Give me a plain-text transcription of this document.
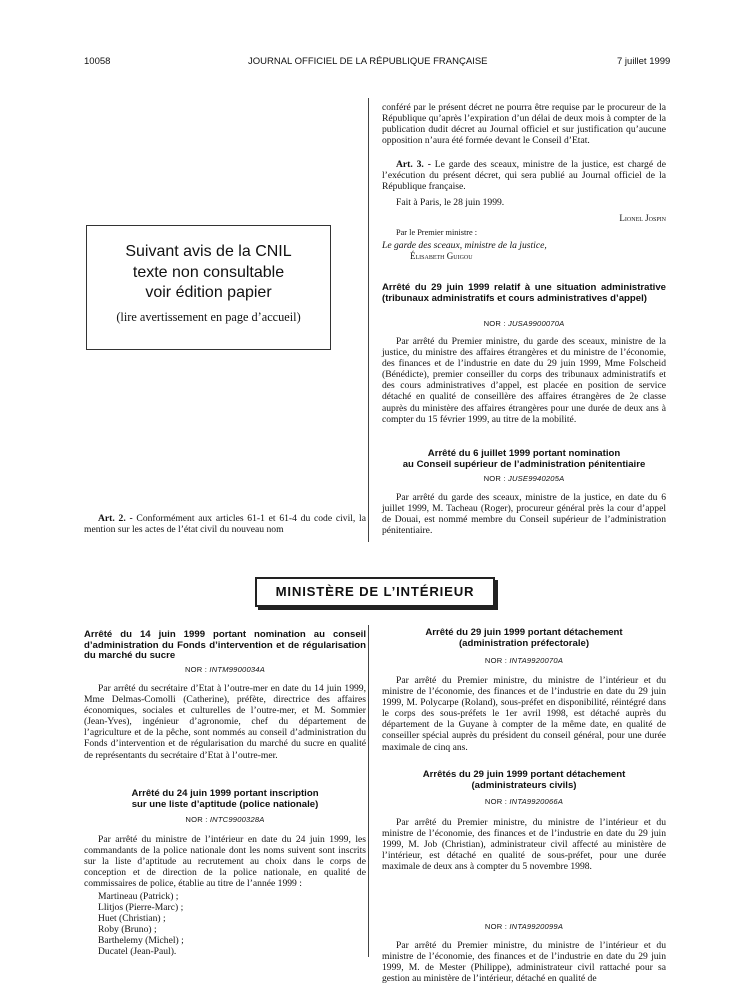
10058	JOURNAL OFFICIEL DE LA RÉPUBLIQUE FRANÇAISE	7 juillet 1999
Suivant avis de la CNIL
texte non consultable
voir édition papier
(lire avertissement en page d’accueil)

Art. 2. - Conformément aux articles 61-1 et 61-4 du code civil, la mention sur les actes de l’état civil du nouveau nom

conféré par le présent décret ne pourra être requise par le procureur de la République qu’après l’expiration d’un délai de deux mois à compter de la publication dudit décret au Journal officiel et sur justification qu’aucune opposition n’aura été formée devant le Conseil d’Etat.

Art. 3. - Le garde des sceaux, ministre de la justice, est chargé de l’exécution du présent décret, qui sera publié au Journal officiel de la République française.

Fait à Paris, le 28 juin 1999.

Lionel Jospin

Par le Premier ministre :

Le garde des sceaux, ministre de la justice,

Élisabeth Guigou

Arrêté du 29 juin 1999 relatif à une situation administrative (tribunaux administratifs et cours administratives d’appel)

NOR : JUSA9900070A

Par arrêté du Premier ministre, du garde des sceaux, ministre de la justice, du ministre des affaires étrangères et du ministre de l’économie, des finances et de l’industrie en date du 29 juin 1999, Mme Folscheid (Bénédicte), premier conseiller du corps des tribunaux administratifs et des cours administratives d’appel, est placée en position de service détaché en qualité de conseillère des affaires étrangères de 2e classe auprès du ministère des affaires étrangères pour une durée de deux ans à compter du 15 février 1999, au titre de la mobilité.

Arrêté du 6 juillet 1999 portant nomination

au Conseil supérieur de l’administration pénitentiaire

NOR : JUSE9940205A

Par arrêté du garde des sceaux, ministre de la justice, en date du 6 juillet 1999, M. Tacheau (Roger), procureur général près la cour d’appel de Douai, est nommé membre du Conseil supérieur de l’administration pénitentiaire.

MINISTÈRE DE L’INTÉRIEUR

Arrêté du 14 juin 1999 portant nomination au conseil d’administration du Fonds d’intervention et de régularisation du marché du sucre

NOR : INTM9900034A

Par arrêté du secrétaire d’Etat à l’outre-mer en date du 14 juin 1999, Mme Delmas-Comolli (Catherine), préfète, directrice des affaires économiques, sociales et culturelles de l’outre-mer, et M. Sommier (Jean-Yves), ingénieur d’agronomie, chef du département de l’agriculture et de la pêche, sont nommés au conseil d’administration du Fonds d’intervention et de régularisation du marché du sucre en qualité de représentants du secrétaire d’Etat à l’outre-mer.

Arrêté du 24 juin 1999 portant inscription

sur une liste d’aptitude (police nationale)

NOR : INTC9900328A

Par arrêté du ministre de l’intérieur en date du 24 juin 1999, les commandants de la police nationale dont les noms suivent sont inscrits sur la liste d’aptitude au recrutement au choix dans le corps de conception et de direction de la police nationale, en qualité de commissaires de police, établie au titre de l’année 1999 :

Martineau (Patrick) ;
Llitjos (Pierre-Marc) ;
Huet (Christian) ;
Roby (Bruno) ;
Barthelemy (Michel) ;
Ducatel (Jean-Paul).

Arrêté du 29 juin 1999 portant détachement

(administration préfectorale)

NOR : INTA9920070A

Par arrêté du Premier ministre, du ministre de l’intérieur et du ministre de l’économie, des finances et de l’industrie en date du 29 juin 1999, M. Polycarpe (Roland), sous-préfet en disponibilité, réintégré dans le corps des sous-préfets le 1er avril 1998, est détaché auprès du département de la Guyane à compter de la même date, en qualité de conseiller spécial auprès du président du conseil général, pour une durée maximale de cinq ans.

Arrêtés du 29 juin 1999 portant détachement

(administrateurs civils)

NOR : INTA9920066A

Par arrêté du Premier ministre, du ministre de l’intérieur et du ministre de l’économie, des finances et de l’industrie en date du 29 juin 1999, M. Job (Christian), administrateur civil affecté au ministère de l’intérieur, est détaché en qualité de sous-préfet, pour une durée maximale de deux ans à compter du 5 novembre 1998.

NOR : INTA9920099A

Par arrêté du Premier ministre, du ministre de l’intérieur et du ministre de l’économie, des finances et de l’industrie en date du 29 juin 1999, M. de Mester (Philippe), administrateur civil rattaché pour sa gestion au ministère de l’intérieur, détaché en qualité de
